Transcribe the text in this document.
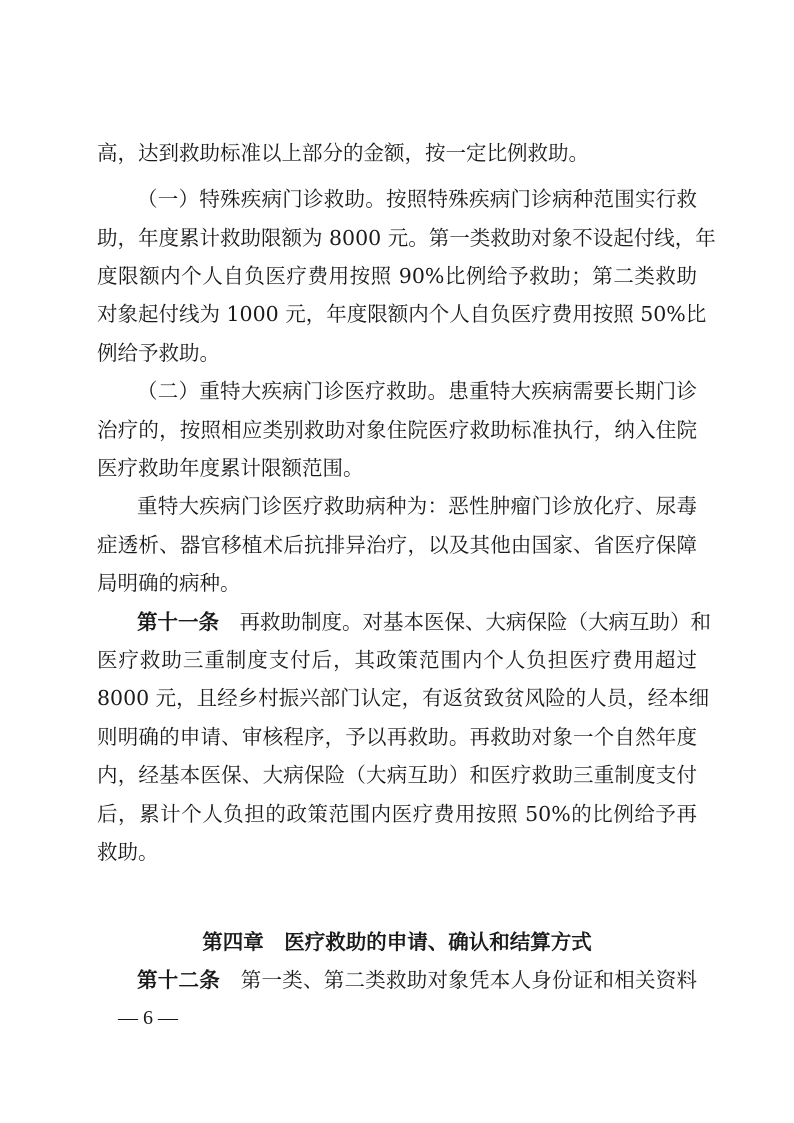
高，达到救助标准以上部分的金额，按一定比例救助。
（一）特殊疾病门诊救助。按照特殊疾病门诊病种范围实行救
助，年度累计救助限额为 8000 元。第一类救助对象不设起付线，年
度限额内个人自负医疗费用按照 90%比例给予救助；第二类救助
对象起付线为 1000 元，年度限额内个人自负医疗费用按照 50%比
例给予救助。
（二）重特大疾病门诊医疗救助。患重特大疾病需要长期门诊
治疗的，按照相应类别救助对象住院医疗救助标准执行，纳入住院
医疗救助年度累计限额范围。
重特大疾病门诊医疗救助病种为：恶性肿瘤门诊放化疗、尿毒
症透析、器官移植术后抗排异治疗，以及其他由国家、省医疗保障
局明确的病种。
第十一条　 再救助制度。对基本医保、大病保险（大病互助）和
医疗救助三重制度支付后，其政策范围内个人负担医疗费用超过
8000 元，且经乡村振兴部门认定，有返贫致贫风险的人员，经本细
则明确的申请、审核程序，予以再救助。再救助对象一个自然年度
内，经基本医保、大病保险（大病互助）和医疗救助三重制度支付
后，累计个人负担的政策范围内医疗费用按照 50%的比例给予再
救助。
第四章　医疗救助的申请、确认和结算方式
第十二条　 第一类、第二类救助对象凭本人身份证和相关资料
— 6 —
